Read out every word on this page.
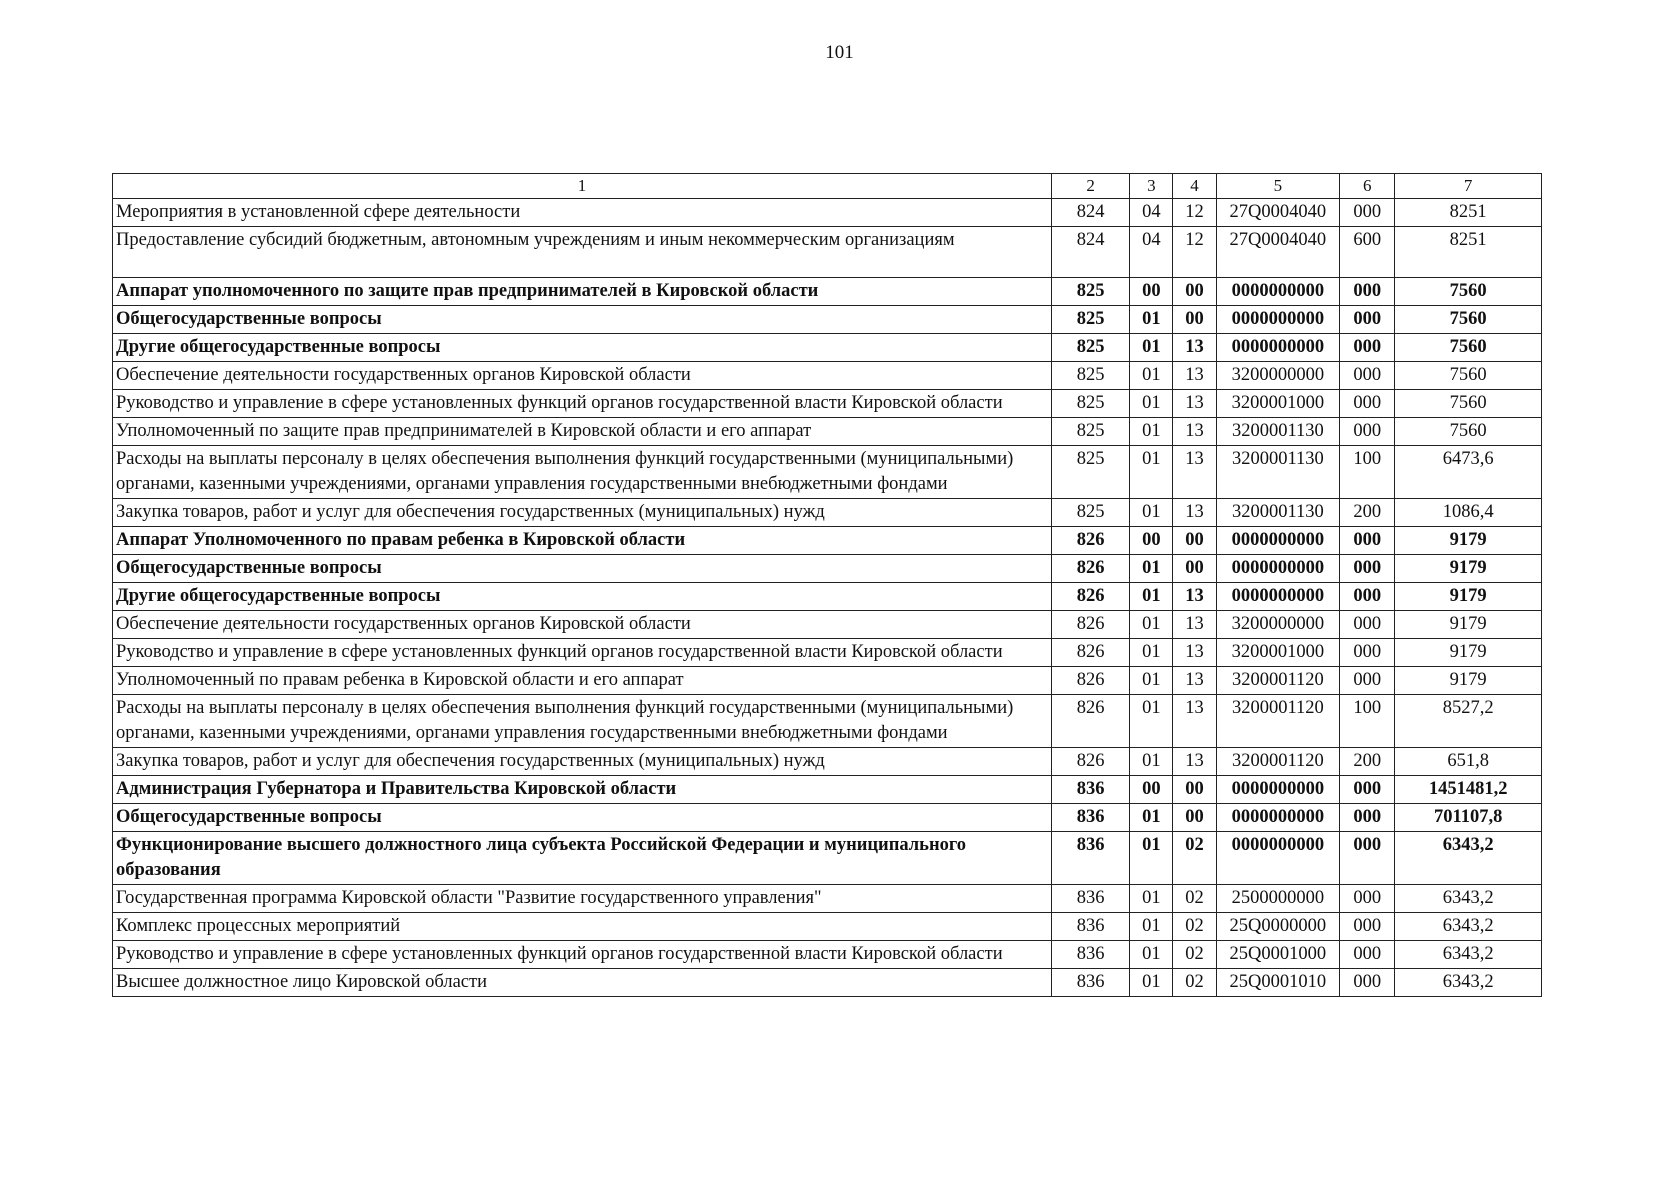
101
1	2	3	4	5	6	7
Мероприятия в установленной сфере деятельности	824	04	12	27Q0004040	000	8251
Предоставление субсидий бюджетным, автономным учреждениям и иным некоммерческим организациям	824	04	12	27Q0004040	600	8251
Аппарат уполномоченного по защите прав предпринимателей в Кировской области	825	00	00	0000000000	000	7560
Общегосударственные вопросы	825	01	00	0000000000	000	7560
Другие общегосударственные вопросы	825	01	13	0000000000	000	7560
Обеспечение деятельности государственных органов Кировской области	825	01	13	3200000000	000	7560
Руководство и управление в сфере установленных функций органов государственной власти Кировской области	825	01	13	3200001000	000	7560
Уполномоченный по защите прав предпринимателей в Кировской области и его аппарат	825	01	13	3200001130	000	7560
Расходы на выплаты персоналу в целях обеспечения выполнения функций государственными (муниципальными) органами, казенными учреждениями, органами управления государственными внебюджетными фондами	825	01	13	3200001130	100	6473,6
Закупка товаров, работ и услуг для обеспечения государственных (муниципальных) нужд	825	01	13	3200001130	200	1086,4
Аппарат Уполномоченного по правам ребенка в Кировской области	826	00	00	0000000000	000	9179
Общегосударственные вопросы	826	01	00	0000000000	000	9179
Другие общегосударственные вопросы	826	01	13	0000000000	000	9179
Обеспечение деятельности государственных органов Кировской области	826	01	13	3200000000	000	9179
Руководство и управление в сфере установленных функций органов государственной власти Кировской области	826	01	13	3200001000	000	9179
Уполномоченный по правам ребенка в Кировской области и его аппарат	826	01	13	3200001120	000	9179
Расходы на выплаты персоналу в целях обеспечения выполнения функций государственными (муниципальными) органами, казенными учреждениями, органами управления государственными внебюджетными фондами	826	01	13	3200001120	100	8527,2
Закупка товаров, работ и услуг для обеспечения государственных (муниципальных) нужд	826	01	13	3200001120	200	651,8
Администрация Губернатора и Правительства Кировской области	836	00	00	0000000000	000	1451481,2
Общегосударственные вопросы	836	01	00	0000000000	000	701107,8
Функционирование высшего должностного лица субъекта Российской Федерации и муниципального образования	836	01	02	0000000000	000	6343,2
Государственная программа Кировской области "Развитие государственного управления"	836	01	02	2500000000	000	6343,2
Комплекс процессных мероприятий	836	01	02	25Q0000000	000	6343,2
Руководство и управление в сфере установленных функций органов государственной власти Кировской области	836	01	02	25Q0001000	000	6343,2
Высшее должностное лицо Кировской области	836	01	02	25Q0001010	000	6343,2
